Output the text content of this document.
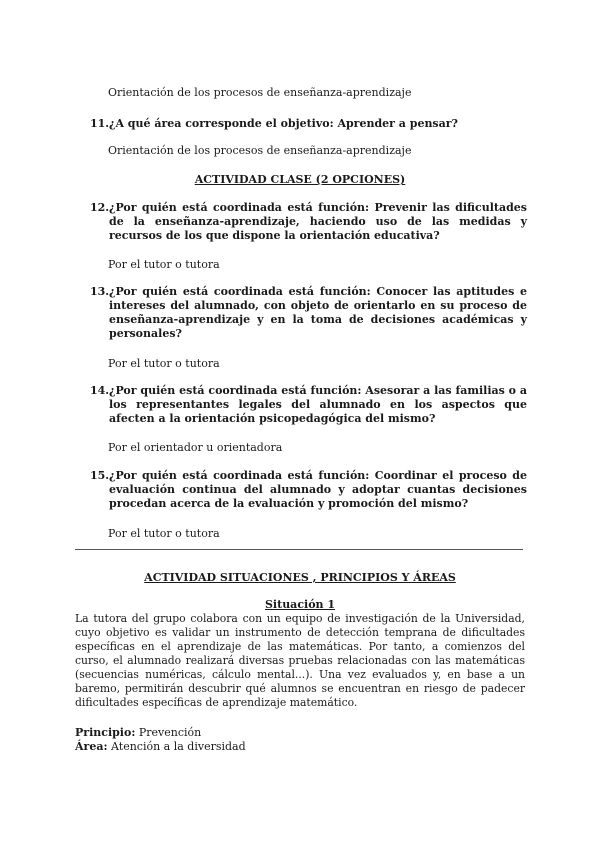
Orientación de los procesos de enseñanza-aprendizaje

11. ¿A qué área corresponde el objetivo: Aprender a pensar?

Orientación de los procesos de enseñanza-aprendizaje

ACTIVIDAD CLASE (2 OPCIONES)

12. ¿Por quién está coordinada está función: Prevenir las dificultades de la enseñanza-aprendizaje, haciendo uso de las medidas y recursos de los que dispone la orientación educativa?

Por el tutor o tutora

13. ¿Por quién está coordinada está función: Conocer las aptitudes e intereses del alumnado, con objeto de orientarlo en su proceso de enseñanza-aprendizaje y en la toma de decisiones académicas y personales?

Por el tutor o tutora

14. ¿Por quién está coordinada está función: Asesorar a las familias o a los representantes legales del alumnado en los aspectos que afecten a la orientación psicopedagógica del mismo?

Por el orientador u orientadora

15. ¿Por quién está coordinada está función: Coordinar el proceso de evaluación continua del alumnado y adoptar cuantas decisiones procedan acerca de la evaluación y promoción del mismo?

Por el tutor o tutora

ACTIVIDAD SITUACIONES , PRINCIPIOS Y ÁREAS

Situación 1

La tutora del grupo colabora con un equipo de investigación de la Universidad, cuyo objetivo es validar un instrumento de detección temprana de dificultades específicas en el aprendizaje de las matemáticas. Por tanto, a comienzos del curso, el alumnado realizará diversas pruebas relacionadas con las matemáticas (secuencias numéricas, cálculo mental...). Una vez evaluados y, en base a un baremo, permitirán descubrir qué alumnos se encuentran en riesgo de padecer dificultades específicas de aprendizaje matemático.

Principio: Prevención

Área: Atención a la diversidad
